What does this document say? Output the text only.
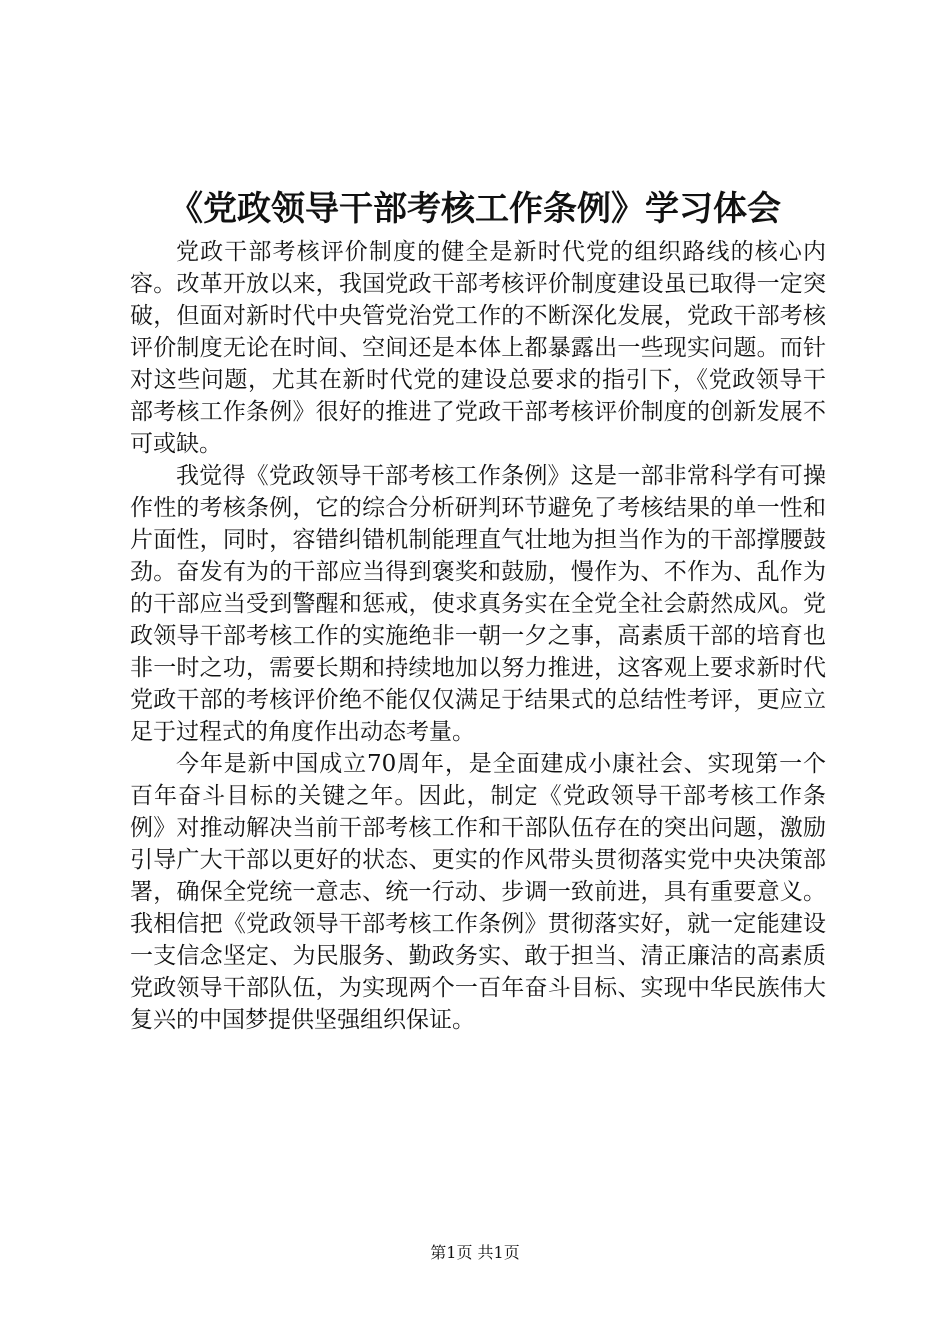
《党政领导干部考核工作条例》学习体会

党政干部考核评价制度的健全是新时代党的组织路线的核心内容。改革开放以来，我国党政干部考核评价制度建设虽已取得一定突破，但面对新时代中央管党治党工作的不断深化发展，党政干部考核评价制度无论在时间、空间还是本体上都暴露出一些现实问题。而针对这些问题，尤其在新时代党的建设总要求的指引下，《党政领导干部考核工作条例》很好的推进了党政干部考核评价制度的创新发展不可或缺。

我觉得《党政领导干部考核工作条例》这是一部非常科学有可操作性的考核条例，它的综合分析研判环节避免了考核结果的单一性和片面性，同时，容错纠错机制能理直气壮地为担当作为的干部撑腰鼓劲。奋发有为的干部应当得到褒奖和鼓励，慢作为、不作为、乱作为的干部应当受到警醒和惩戒，使求真务实在全党全社会蔚然成风。党政领导干部考核工作的实施绝非一朝一夕之事，高素质干部的培育也非一时之功，需要长期和持续地加以努力推进，这客观上要求新时代党政干部的考核评价绝不能仅仅满足于结果式的总结性考评，更应立足于过程式的角度作出动态考量。

今年是新中国成立70周年，是全面建成小康社会、实现第一个百年奋斗目标的关键之年。因此，制定《党政领导干部考核工作条例》对推动解决当前干部考核工作和干部队伍存在的突出问题，激励引导广大干部以更好的状态、更实的作风带头贯彻落实党中央决策部署，确保全党统一意志、统一行动、步调一致前进，具有重要意义。我相信把《党政领导干部考核工作条例》贯彻落实好，就一定能建设一支信念坚定、为民服务、勤政务实、敢于担当、清正廉洁的高素质党政领导干部队伍，为实现两个一百年奋斗目标、实现中华民族伟大复兴的中国梦提供坚强组织保证。

第1页 共1页
